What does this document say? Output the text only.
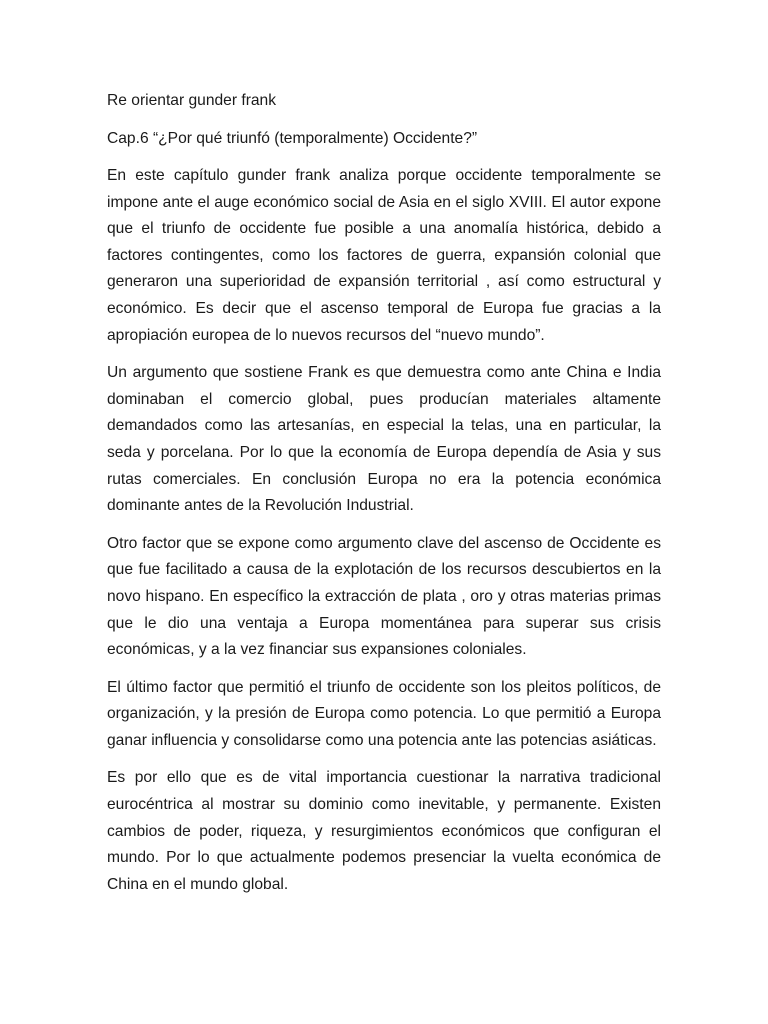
Re orientar gunder frank
Cap.6 “¿Por qué triunfó (temporalmente) Occidente?”

En este capítulo gunder frank analiza porque occidente temporalmente se impone ante el auge económico social de Asia en el siglo XVIII. El autor expone que el triunfo de occidente fue posible a una anomalía histórica, debido a factores contingentes, como los factores de guerra, expansión colonial que generaron una superioridad de expansión territorial , así como estructural y económico. Es decir que el ascenso temporal de Europa fue gracias a la apropiación europea de lo nuevos recursos del “nuevo mundo”.

Un argumento que sostiene Frank es que demuestra como ante China e India dominaban el comercio global, pues producían materiales altamente demandados como las artesanías, en especial la telas, una en particular, la seda y porcelana. Por lo que la economía de Europa dependía de Asia y sus rutas comerciales. En conclusión Europa no era la potencia económica dominante antes de la Revolución Industrial.

Otro factor que se expone como argumento clave del ascenso de Occidente es que fue facilitado a causa de la explotación de los recursos descubiertos en la novo hispano. En específico la extracción de plata , oro y otras materias primas que le dio una ventaja a Europa momentánea para superar sus crisis económicas, y a la vez financiar sus expansiones coloniales.

El último factor que permitió el triunfo de occidente son los pleitos políticos, de organización, y la presión de Europa como potencia. Lo que permitió a Europa ganar influencia y consolidarse como una potencia ante las potencias asiáticas.

Es por ello que es de vital importancia cuestionar la narrativa tradicional eurocéntrica al mostrar su dominio como inevitable, y permanente. Existen cambios de poder, riqueza, y resurgimientos económicos que configuran el mundo. Por lo que actualmente podemos presenciar la vuelta económica de China en el mundo global.
